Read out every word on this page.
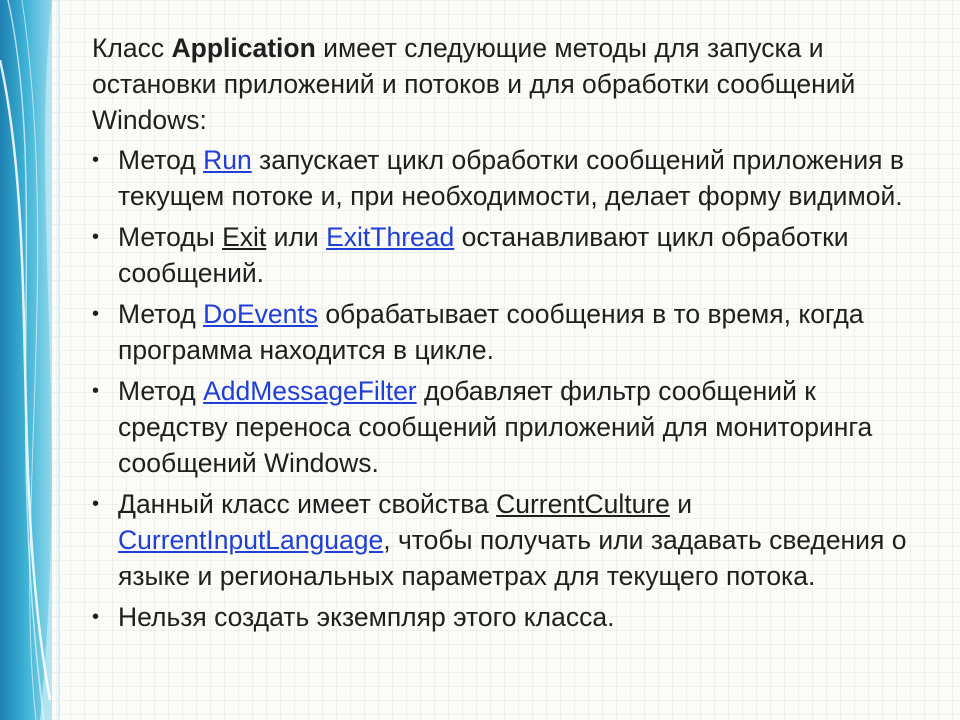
Класс Application имеет следующие методы для запуска и остановки приложений и потоков и для обработки сообщений Windows:

• Метод Run запускает цикл обработки сообщений приложения в текущем потоке и, при необходимости, делает форму видимой.
• Методы Exit или ExitThread останавливают цикл обработки сообщений.
• Метод DoEvents обрабатывает сообщения в то время, когда программа находится в цикле.
• Метод AddMessageFilter добавляет фильтр сообщений к средству переноса сообщений приложений для мониторинга сообщений Windows.
• Данный класс имеет свойства CurrentCulture и CurrentInputLanguage, чтобы получать или задавать сведения о языке и региональных параметрах для текущего потока.
• Нельзя создать экземпляр этого класса.
